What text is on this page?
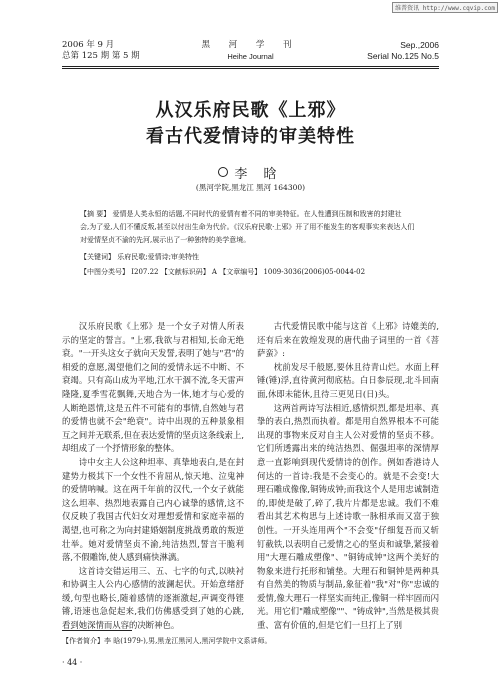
维普资讯 http://www.cqvip.com
2006 年 9 月	黑 河 学 刊	Sep.,2006
总第 125 期 第 5 期	Heihe Journal	Serial No.125 No.5
从汉乐府民歌《上邪》
看古代爱情诗的审美特性
李 晗
(黑河学院,黑龙江 黑河 164300)
【摘 要】 爱情是人类永恒的话题,不同时代的爱情有着不同的审美特征。在人性遭到压制和戕害的封建社
会,为了爱,人们不懂反叛,甚至以付出生命为代价。《汉乐府民歌·上邪》开了用不能发生的客观事实来表达人们
对爱情坚贞不渝的先河,展示出了一种独特的美学意境。
【关键词】 乐府民歌;爱情诗;审美特性
【中图分类号】 I207.22 【文献标识码】 A 【文章编号】 1009-3036(2006)05-0044-02

汉乐府民歌《上邪》是一个女子对情人所表示的坚定的誓言。"上邪,我欲与君相知,长命无绝衰。"一开头这女子就向天发誓,表明了她与"君"的相爱的意愿,渴望他们之间的爱情永远不中断、不衰竭。只有高山成为平地,江水干涸不流,冬天雷声隆隆,夏季雪花飘舞,天地合为一体,她才与心爱的人断绝恩情,这是五件不可能有的事情,自然她与君的爱情也就不会"绝衰"。诗中出现的五种景象相互之间并无联系,但在表达爱情的坚贞这条线索上,却组成了一个抒情形象的整体。

诗中女主人公这种坦率、真挚地表白,是在封建势力极其下一个女性不肯屈从,惊天地、泣鬼神的爱情呐喊。这在两千年前的汉代,一个女子就能这么坦率、热烈地表露自己内心诚挚的感情,这不仅反映了我国古代妇女对理想爱情和家庭幸福的渴望,也可称之为向封建婚姻制度挑战勇敢的叛逆壮举。她对爱情坚贞不渝,纯洁热烈,誓言干脆利落,不假雕饰,使人感到痛快淋漓。

这首诗交错运用三、五、七字的句式,以映衬和协调主人公内心感情的波澜起伏。开始意绪舒缓,句型也略长,随着感情的逐渐激起,声调变得铿锵,语速也急促起来,我们仿佛感受到了她的心跳,看到她深情而从容的决断神色。

古代爱情民歌中能与这首《上邪》诗媲美的,还有后来在敦煌发现的唐代曲子词里的一首《菩萨蛮》:

枕前发尽千般愿,要休且待青山烂。水面上秤锤(锤)浮,直待黄河彻底枯。白日参辰现,北斗回南面,休即未能休,且待三更见日(日)头。

这两首两诗写法相近,感情炽烈,都是坦率、真挚的表白,热烈而执着。都是用自然界根本不可能出现的事物来反对自主人公对爱情的坚贞不移。它们所透露出来的纯洁热烈、倔强坦率的深情厚意一直影响到现代爱情诗的创作。例如香港诗人何达的一首诗:我是不会变心的。就是不会变!大理石雕成像像,铜铸成钟;而我这个人是用忠诚制造的,即使是破了,碎了,我片片都是忠诚。我们不难看出其艺术构思与上述诗歌一脉相承而又富于独创性。一开头连用两个"不会变"仔细复吾而又斩钉截铁,以表明自己爱情之心的坚贞和诚挚,紧接着用"大理石雕成塑像"、"铜铸成钟"这两个美好的物象来进行托形和铺垫。大理石和铜钟是两种具有自然美的物质与制品,象征着"我"对"你"忠诚的爱情,像大理石一样坚实而纯正,像铜一样牢固而闪光。用它们"雕成塑像""、"铸成钟",当然是极其贵重、富有价值的,但是它们一旦打上了别

【作者简介】李 晗(1979-),男,黑龙江黑河人,黑河学院中文系讲师。
· 44 ·
